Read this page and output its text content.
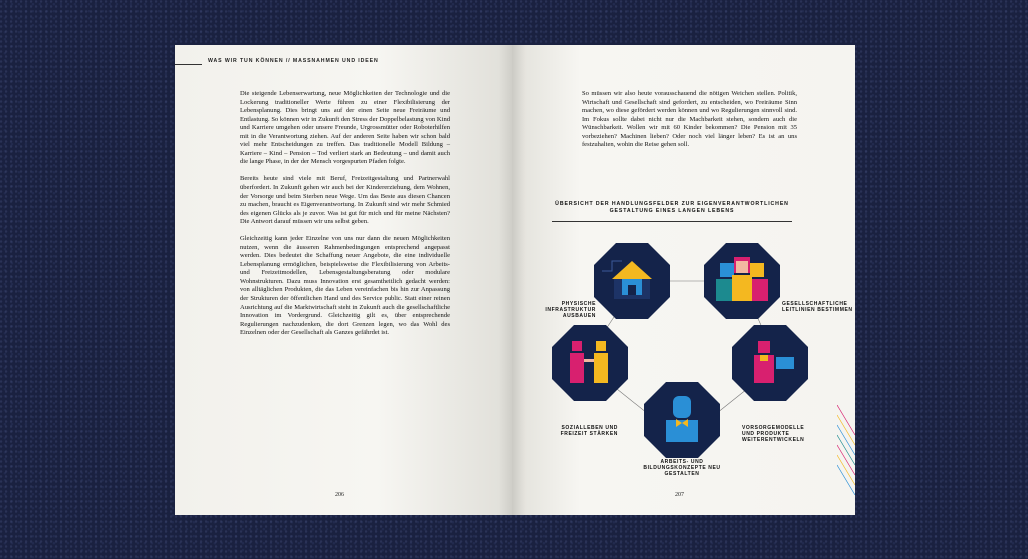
WAS WIR TUN KÖNNEN // MASSNAHMEN UND IDEEN

Die steigende Lebenserwartung, neue Möglichkeiten der Technologie und die Lockerung traditioneller Werte führen zu einer Flexibilisierung der Lebensplanung. Dies bringt uns auf der einen Seite neue Freiräume und Entlastung. So können wir in Zukunft den Stress der Doppelbelastung von Kind und Karriere umgehen oder unsere Freunde, Urgrossmütter oder Roboterhilfen mit in die Verantwortung ziehen. Auf der anderen Seite haben wir schon bald viel mehr Entscheidungen zu treffen. Das traditionelle Modell Bildung – Karriere – Kind – Pension – Tod verliert stark an Bedeutung – und damit auch die lange Phase, in der der Mensch vorgespurten Pfaden folgte.

Bereits heute sind viele mit Beruf, Freizeitgestaltung und Partnerwahl überfordert. In Zukunft gehen wir auch bei der Kindererziehung, dem Wohnen, der Vorsorge und beim Sterben neue Wege. Um das Beste aus diesen Chancen zu machen, braucht es Eigenverantwortung. In Zukunft sind wir mehr Schmied des eigenen Glücks als je zuvor. Was ist gut für mich und für meine Nächsten? Die Antwort darauf müssen wir uns selbst geben.

Gleichzeitig kann jeder Einzelne von uns nur dann die neuen Möglichkeiten nutzen, wenn die äusseren Rahmenbedingungen entsprechend angepasst werden. Dies bedeutet die Schaffung neuer Angebote, die eine individuelle Lebensplanung ermöglichen, beispielsweise die Flexibilisierung von Arbeits- und Freizeitmodellen, Lebensgestaltungsberatung oder modulare Wohnstrukturen. Dazu muss Innovation erst gesamtheitlich gedacht werden: von alltäglichen Produkten, die das Leben vereinfachen bis hin zur Anpassung der Strukturen der öffentlichen Hand und des Service public. Statt einer reinen Ausrichtung auf die Marktwirtschaft steht in Zukunft auch die gesellschaftliche Innovation im Vordergrund. Gleichzeitig gilt es, über entsprechende Regulierungen nachzudenken, die dort Grenzen legen, wo das Wohl des Einzelnen oder der Gesellschaft als Ganzes gefährdet ist.

206

So müssen wir also heute vorausschauend die nötigen Weichen stellen. Politik, Wirtschaft und Gesellschaft sind gefordert, zu entscheiden, wo Freiräume Sinn machen, wo diese gefördert werden können und wo Regulierungen sinnvoll sind. Im Fokus sollte dabei nicht nur die Machbarkeit stehen, sondern auch die Wünschbarkeit. Wollen wir mit 60 Kinder bekommen? Die Pension mit 35 vorbeziehen? Machinen lieben? Oder noch viel länger leben? Es ist an uns festzuhalten, wohin die Reise gehen soll.

ÜBERSICHT DER HANDLUNGSFELDER ZUR EIGENVERANTWORTLICHEN GESTALTUNG EINES LANGEN LEBENS
PHYSISCHE INFRASTRUKTUR AUSBAUEN
GESELLSCHAFTLICHE LEITLINIEN BESTIMMEN
SOZIALLEBEN UND FREIZEIT STÄRKEN
VORSORGEMODELLE UND PRODUKTE WEITERENTWICKELN
ARBEITS- UND BILDUNGSKONZEPTE NEU GESTALTEN
207
